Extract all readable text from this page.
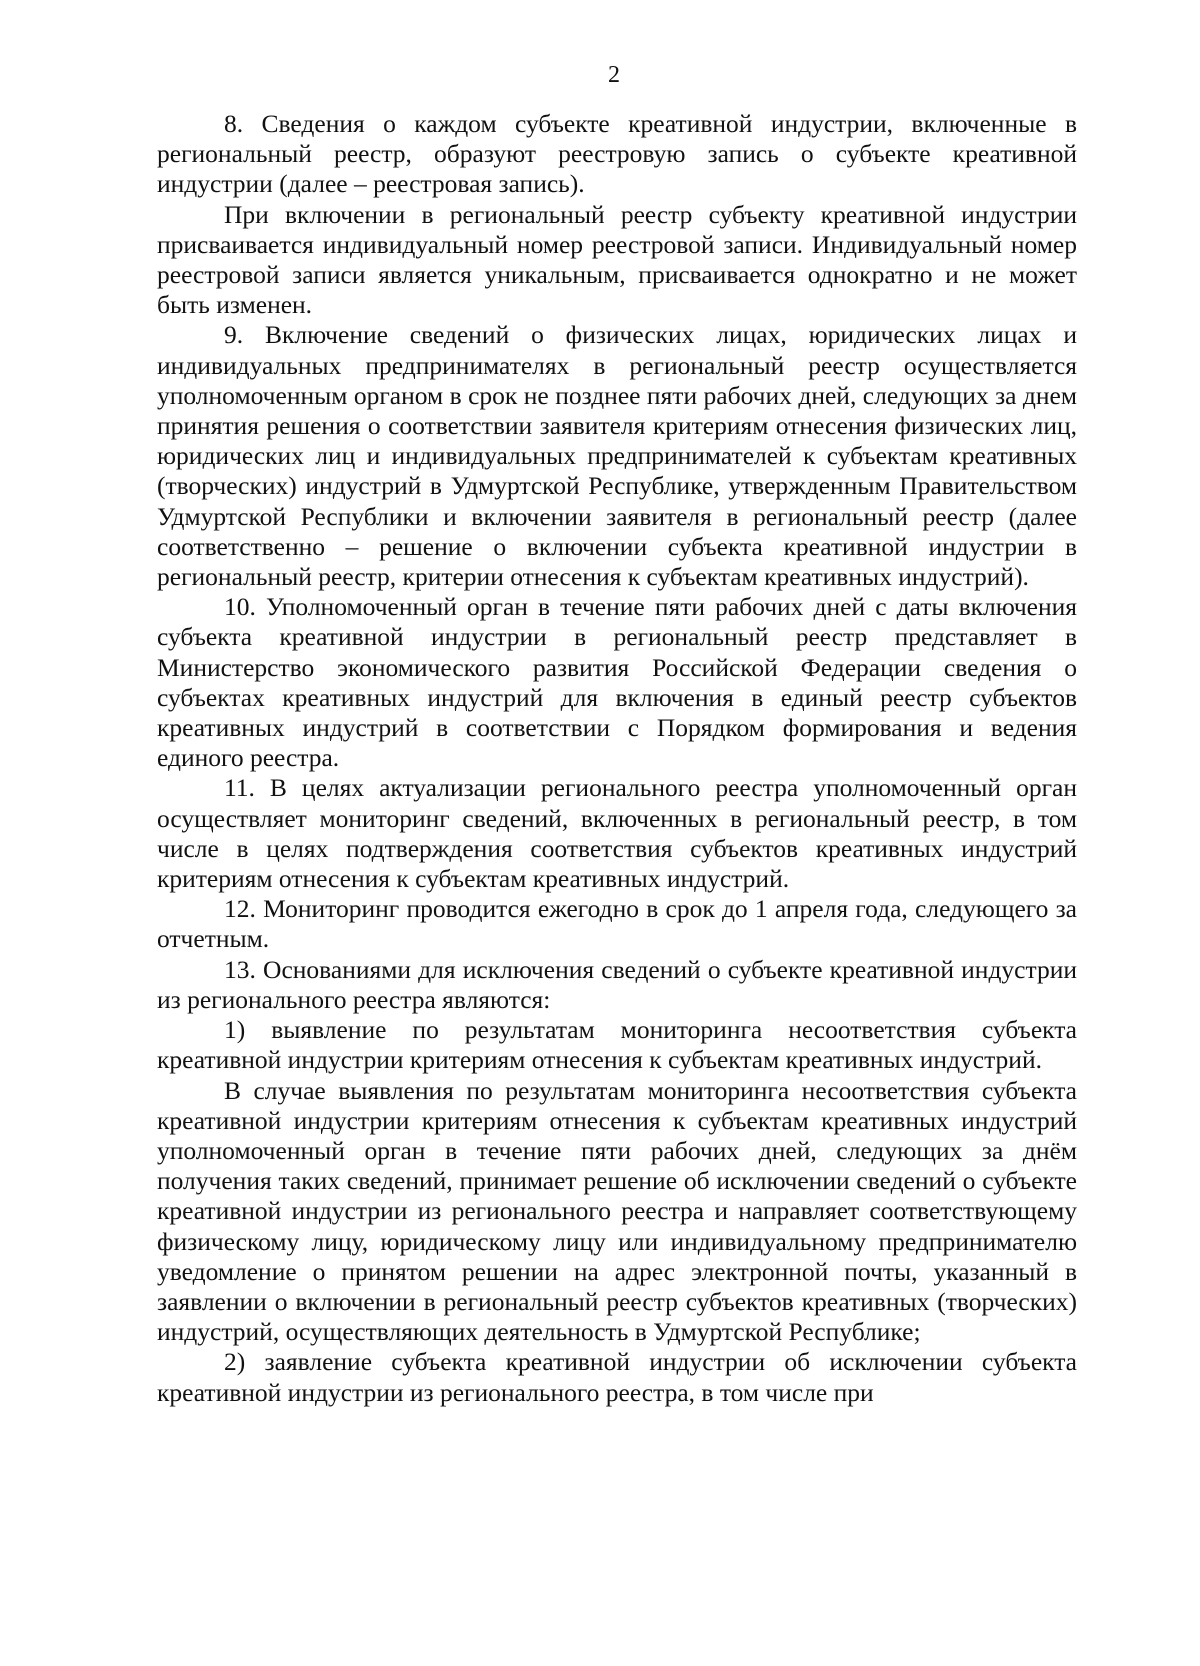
2

8. Сведения о каждом субъекте креативной индустрии, включенные в региональный реестр, образуют реестровую запись о субъекте креативной индустрии (далее – реестровая запись).

При включении в региональный реестр субъекту креативной индустрии присваивается индивидуальный номер реестровой записи. Индивидуальный номер реестровой записи является уникальным, присваивается однократно и не может быть изменен.

9. Включение сведений о физических лицах, юридических лицах и индивидуальных предпринимателях в региональный реестр осуществляется уполномоченным органом в срок не позднее пяти рабочих дней, следующих за днем принятия решения о соответствии заявителя критериям отнесения физических лиц, юридических лиц и индивидуальных предпринимателей к субъектам креативных (творческих) индустрий в Удмуртской Республике, утвержденным Правительством Удмуртской Республики и включении заявителя в региональный реестр (далее соответственно – решение о включении субъекта креативной индустрии в региональный реестр, критерии отнесения к субъектам креативных индустрий).

10. Уполномоченный орган в течение пяти рабочих дней с даты включения субъекта креативной индустрии в региональный реестр представляет в Министерство экономического развития Российской Федерации сведения о субъектах креативных индустрий для включения в единый реестр субъектов креативных индустрий в соответствии с Порядком формирования и ведения единого реестра.

11. В целях актуализации регионального реестра уполномоченный орган осуществляет мониторинг сведений, включенных в региональный реестр, в том числе в целях подтверждения соответствия субъектов креативных индустрий критериям отнесения к субъектам креативных индустрий.

12. Мониторинг проводится ежегодно в срок до 1 апреля года, следующего за отчетным.

13. Основаниями для исключения сведений о субъекте креативной индустрии из регионального реестра являются:

1) выявление по результатам мониторинга несоответствия субъекта креативной индустрии критериям отнесения к субъектам креативных индустрий.

В случае выявления по результатам мониторинга несоответствия субъекта креативной индустрии критериям отнесения к субъектам креативных индустрий уполномоченный орган в течение пяти рабочих дней, следующих за днём получения таких сведений, принимает решение об исключении сведений о субъекте креативной индустрии из регионального реестра и направляет соответствующему физическому лицу, юридическому лицу или индивидуальному предпринимателю уведомление о принятом решении на адрес электронной почты, указанный в заявлении о включении в региональный реестр субъектов креативных (творческих) индустрий, осуществляющих деятельность в Удмуртской Республике;

2) заявление субъекта креативной индустрии об исключении субъекта креативной индустрии из регионального реестра, в том числе при
